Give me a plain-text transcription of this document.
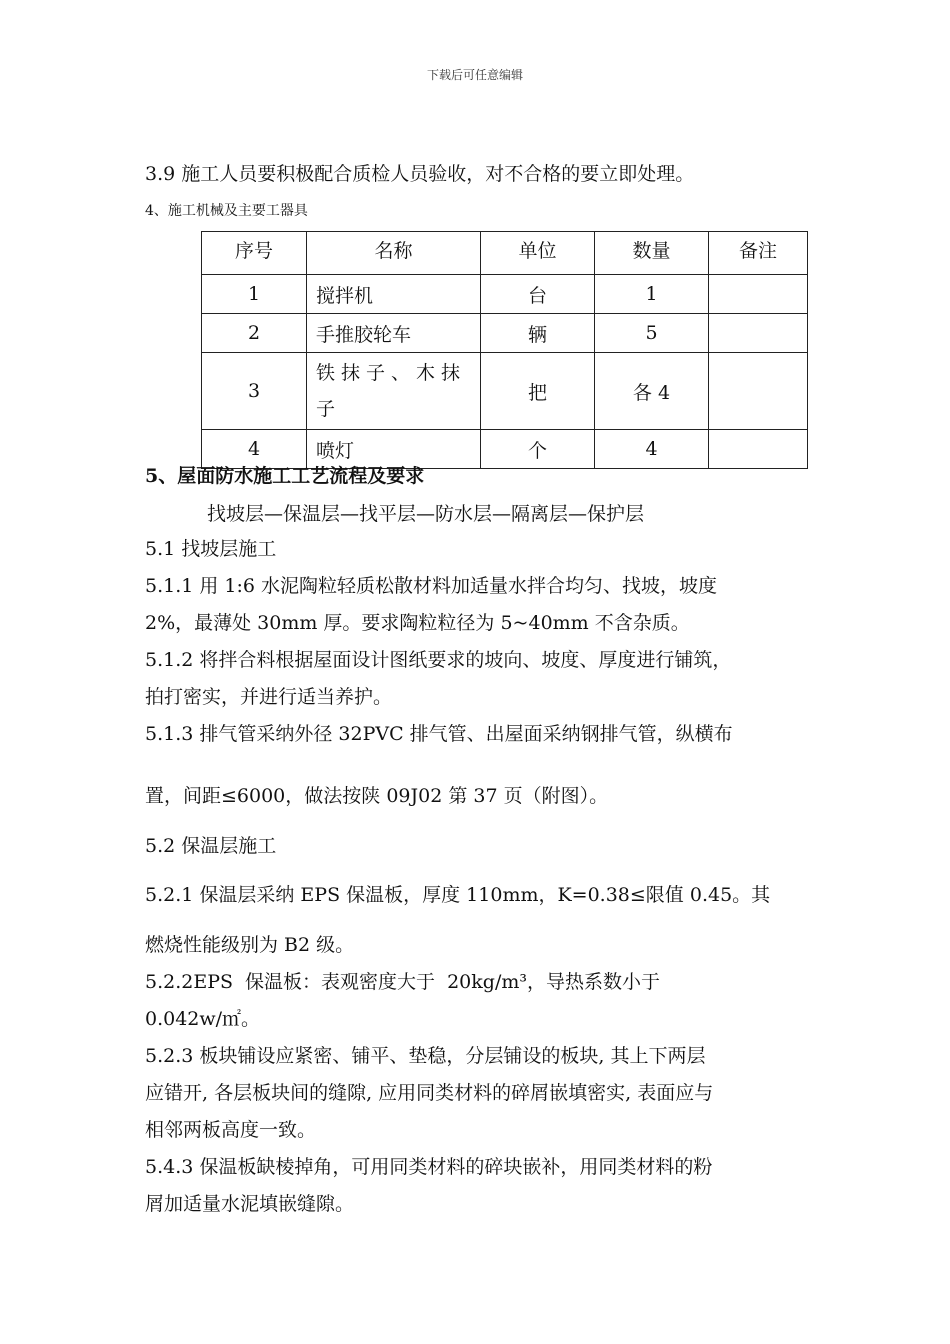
下载后可任意编辑
3.9 施工人员要积极配合质检人员验收，对不合格的要立即处理。
4、施工机械及主要工器具
序号	名称	单位	数量	备注
1	搅拌机	台	1	
2	手推胶轮车	辆	5	
3	铁抹子、木抹子	把	各 4	
4	喷灯	个	4	
5、屋面防水施工工艺流程及要求
找坡层—保温层—找平层—防水层—隔离层—保护层
5.1 找坡层施工
5.1.1 用 1:6 水泥陶粒轻质松散材料加适量水拌合均匀、找坡，坡度
2%，最薄处 30mm 厚。要求陶粒粒径为 5~40mm 不含杂质。
5.1.2 将拌合料根据屋面设计图纸要求的坡向、坡度、厚度进行铺筑，
拍打密实，并进行适当养护。
5.1.3 排气管采纳外径 32PVC 排气管、出屋面采纳钢排气管，纵横布
置，间距≤6000，做法按陕 09J02 第 37 页（附图）。
5.2 保温层施工
5.2.1 保温层采纳 EPS 保温板，厚度 110mm，K=0.38≤限值 0.45。其
燃烧性能级别为 B2 级。
5.2.2EPS 保温板：表观密度大于 20kg/m³，导热系数小于
0.042w/㎡。
5.2.3 板块铺设应紧密、铺平、垫稳，分层铺设的板块, 其上下两层
应错开, 各层板块间的缝隙, 应用同类材料的碎屑嵌填密实, 表面应与
相邻两板高度一致。
5.4.3 保温板缺棱掉角，可用同类材料的碎块嵌补，用同类材料的粉
屑加适量水泥填嵌缝隙。
